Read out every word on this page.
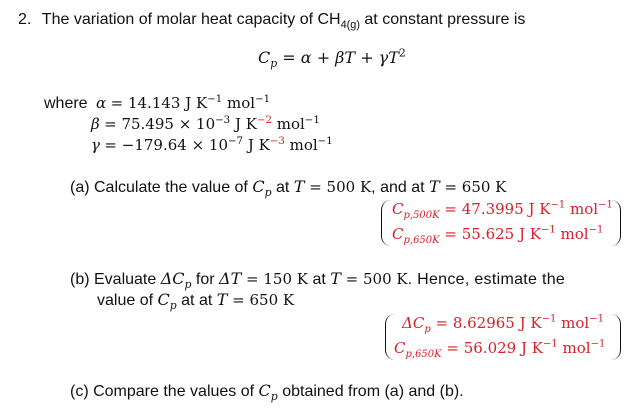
2. The variation of molar heat capacity of $CH_{4(g)}$ at constant pressure is
$C_p = \alpha + \beta T + \gamma T^2$
where α = 14.143 J $K^{-1}$ mol$^{-1}$
$\beta = 75.495 \times 10^{-3}$ J $K^{-2}$ mol$^{-1}$
$\gamma = -179.64 \times 10^{-7}$ J $K^{-3}$ mol$^{-1}$
(a) Calculate the value of $C_p$ at T = 500 K, and at T = 650 K
$C_{p,500K} = 47.3995$ J $K^{-1}$ mol$^{-1}$
$C_{p,650K} = 55.625$ J $K^{-1}$ mol$^{-1}$
(b) Evaluate $\Delta C_p$ for ΔT = 150 K at T = 500 K. Hence, estimate the
value of $C_p$ at at T = 650 K
$\Delta C_p = 8.62965$ J $K^{-1}$ mol$^{-1}$
$C_{p,650K} = 56.029$ J $K^{-1}$ mol$^{-1}$
(c) Compare the values of $C_p$ obtained from (a) and (b).
